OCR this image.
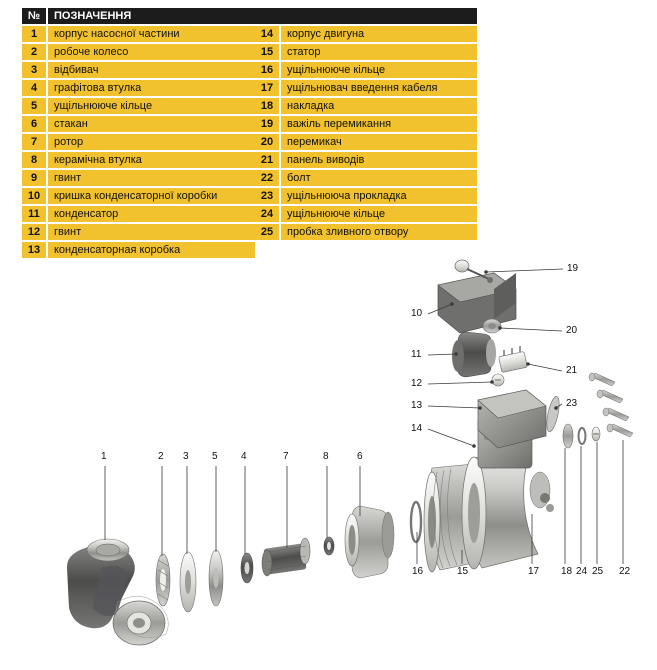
№	ПОЗНАЧЕННЯ
1	корпус насосної частини
2	робоче колесо
3	відбивач
4	графітова втулка
5	ущільнююче кільце
6	стакан
7	ротор
8	керамічна втулка
9	гвинт
10	кришка конденсаторної коробки
11	конденсатор
12	гвинт
13	конденсаторная коробка
14	корпус двигуна
15	статор
16	ущільнююче кільце
17	ущільнювач введення кабеля
18	накладка
19	важіль перемикання
20	перемикач
21	панель виводів
22	болт
23	ущільнююча прокладка
24	ущільнююче кільце
25	пробка зливного отвору
1	2 3 5 4	7	8	6
19
10
20
11
21
12
13	23
14
16	15	17 18 24 25 22
